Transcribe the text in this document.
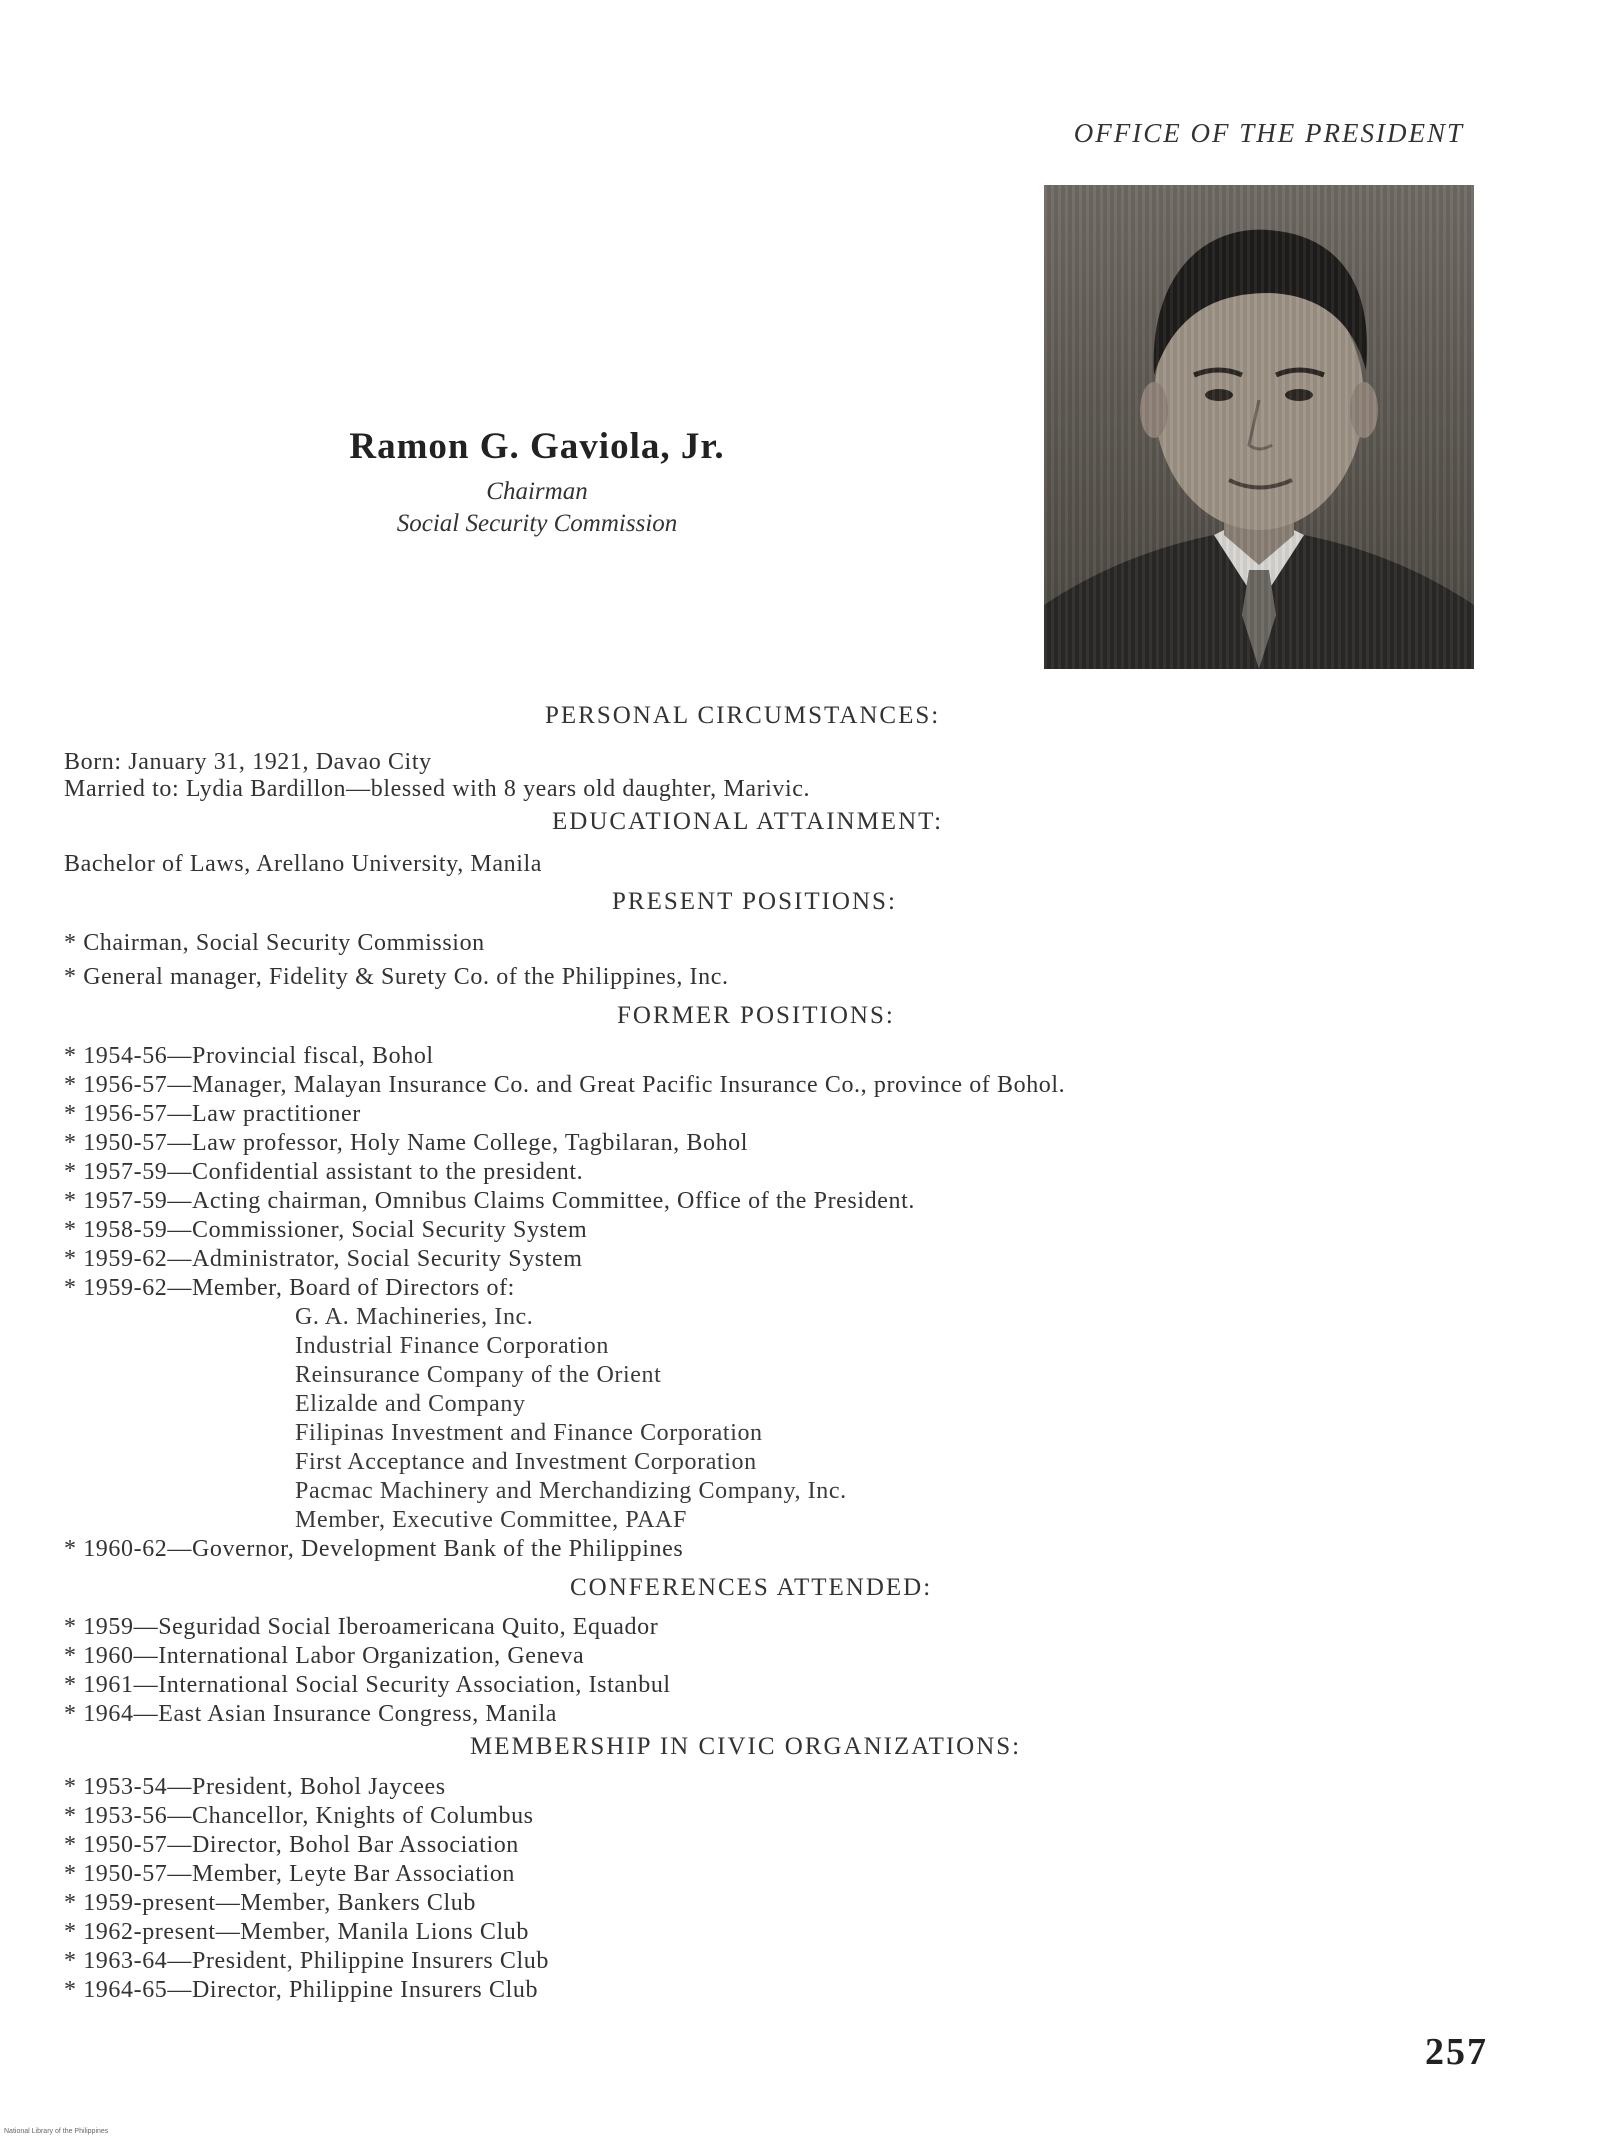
OFFICE OF THE PRESIDENT
Ramon G. Gaviola, Jr.
Chairman
Social Security Commission
PERSONAL CIRCUMSTANCES:
Born: January 31, 1921, Davao City
Married to: Lydia Bardillon—blessed with 8 years old daughter, Marivic.
EDUCATIONAL ATTAINMENT:
Bachelor of Laws, Arellano University, Manila
PRESENT POSITIONS:
* Chairman, Social Security Commission
* General manager, Fidelity & Surety Co. of the Philippines, Inc.
FORMER POSITIONS:
* 1954-56—Provincial fiscal, Bohol
* 1956-57—Manager, Malayan Insurance Co. and Great Pacific Insurance Co., province of Bohol.
* 1956-57—Law practitioner
* 1950-57—Law professor, Holy Name College, Tagbilaran, Bohol
* 1957-59—Confidential assistant to the president.
* 1957-59—Acting chairman, Omnibus Claims Committee, Office of the President.
* 1958-59—Commissioner, Social Security System
* 1959-62—Administrator, Social Security System
* 1959-62—Member, Board of Directors of:
G. A. Machineries, Inc.
Industrial Finance Corporation
Reinsurance Company of the Orient
Elizalde and Company
Filipinas Investment and Finance Corporation
First Acceptance and Investment Corporation
Pacmac Machinery and Merchandizing Company, Inc.
Member, Executive Committee, PAAF
* 1960-62—Governor, Development Bank of the Philippines
CONFERENCES ATTENDED:
* 1959—Seguridad Social Iberoamericana Quito, Equador
* 1960—International Labor Organization, Geneva
* 1961—International Social Security Association, Istanbul
* 1964—East Asian Insurance Congress, Manila
MEMBERSHIP IN CIVIC ORGANIZATIONS:
* 1953-54—President, Bohol Jaycees
* 1953-56—Chancellor, Knights of Columbus
* 1950-57—Director, Bohol Bar Association
* 1950-57—Member, Leyte Bar Association
* 1959-present—Member, Bankers Club
* 1962-present—Member, Manila Lions Club
* 1963-64—President, Philippine Insurers Club
* 1964-65—Director, Philippine Insurers Club
257
National Library of the Philippines
